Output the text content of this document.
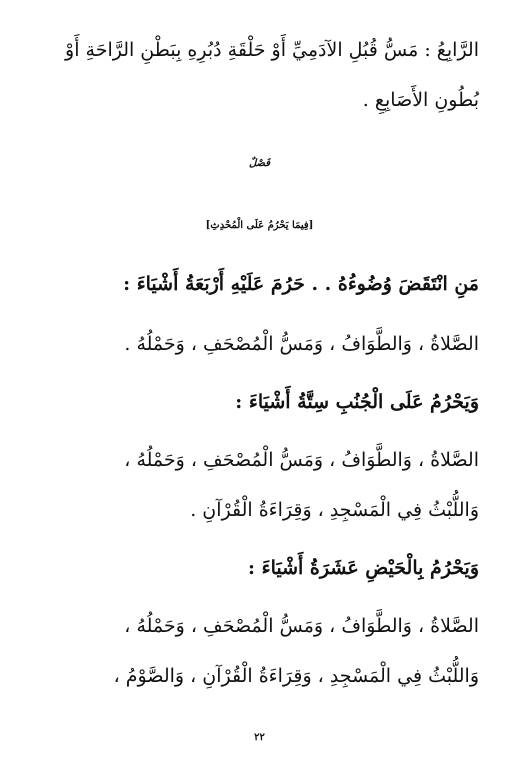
الرَّابِعُ : مَسُّ قُبُلِ الآدَمِيِّ أَوْ حَلْقَةِ دُبُرِهِ بِبَطْنِ الرَّاحَةِ أَوْ
بُطُونِ الأَصَابِعِ .
فَصْلٌ
[فِيمَا يَحْرُمُ عَلَى الْمُحْدِثِ]
مَنِ انْتَقَضَ وُضُوءُهُ . . حَرُمَ عَلَيْهِ أَرْبَعَةُ أَشْيَاءَ :
الصَّلاةُ ، وَالطَّوَافُ ، وَمَسُّ الْمُصْحَفِ ، وَحَمْلُهُ .
وَيَحْرُمُ عَلَى الْجُنُبِ سِتَّةُ أَشْيَاءَ :
الصَّلاةُ ، وَالطَّوَافُ ، وَمَسُّ الْمُصْحَفِ ، وَحَمْلُهُ ،
وَاللُّبْثُ فِي الْمَسْجِدِ ، وَقِرَاءَةُ الْقُرْآنِ .
وَيَحْرُمُ بِالْحَيْضِ عَشَرَةُ أَشْيَاءَ :
الصَّلاةُ ، وَالطَّوَافُ ، وَمَسُّ الْمُصْحَفِ ، وَحَمْلُهُ ،
وَاللُّبْثُ فِي الْمَسْجِدِ ، وَقِرَاءَةُ الْقُرْآنِ ، وَالصَّوْمُ ،
٢٢
